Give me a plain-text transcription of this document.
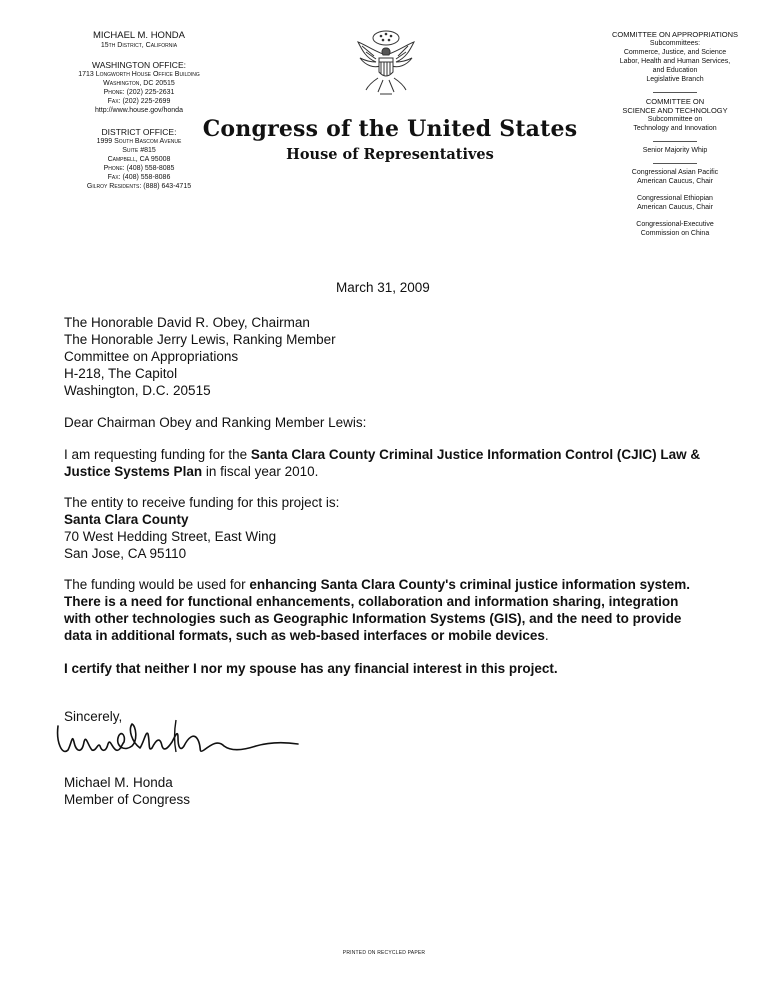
MICHAEL M. HONDA
15th District, California
WASHINGTON OFFICE:
1713 Longworth House Office Building
Washington, DC 20515
Phone: (202) 225-2631
Fax: (202) 225-2699
http://www.house.gov/honda
DISTRICT OFFICE:
1999 South Bascom Avenue
Suite #815
Campbell, CA 95008
Phone: (408) 558-8085
Fax: (408) 558-8086
Gilroy Residents: (888) 643-4715
Congress of the United States
House of Representatives
COMMITTEE ON APPROPRIATIONS
Subcommittees:
Commerce, Justice, and Science
Labor, Health and Human Services,
and Education
Legislative Branch
COMMITTEE ON
SCIENCE AND TECHNOLOGY
Subcommittee on
Technology and Innovation
Senior Majority Whip
Congressional Asian Pacific
American Caucus, Chair
Congressional Ethiopian
American Caucus, Chair
Congressional-Executive
Commission on China
March 31, 2009
The Honorable David R. Obey, Chairman
The Honorable Jerry Lewis, Ranking Member
Committee on Appropriations
H-218, The Capitol
Washington, D.C. 20515
Dear Chairman Obey and Ranking Member Lewis:
I am requesting funding for the Santa Clara County Criminal Justice Information Control (CJIC) Law & Justice Systems Plan in fiscal year 2010.
The entity to receive funding for this project is:
Santa Clara County
70 West Hedding Street, East Wing
San Jose, CA 95110
The funding would be used for enhancing Santa Clara County's criminal justice information system. There is a need for functional enhancements, collaboration and information sharing, integration with other technologies such as Geographic Information Systems (GIS), and the need to provide data in additional formats, such as web-based interfaces or mobile devices.
I certify that neither I nor my spouse has any financial interest in this project.
Sincerely,
Michael M. Honda
Member of Congress
PRINTED ON RECYCLED PAPER
